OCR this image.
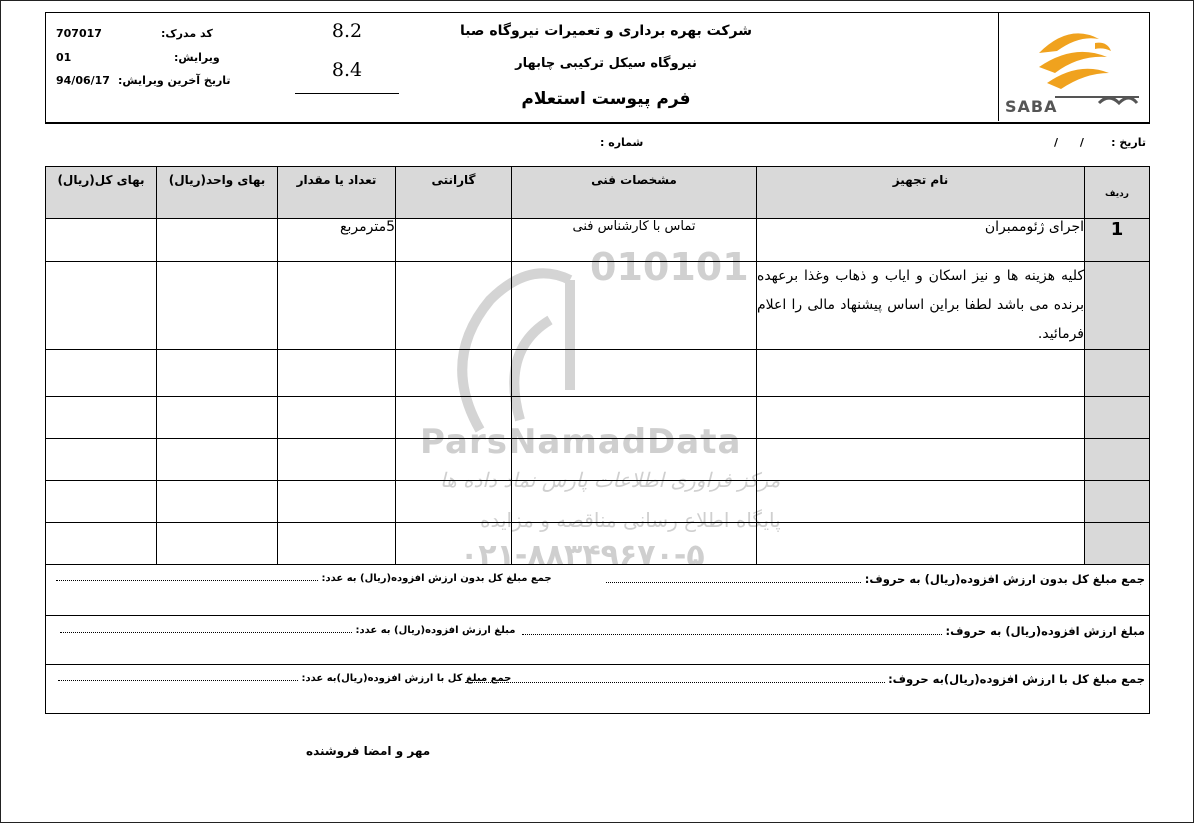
SABA
شرکت بهره برداری و تعمیرات نیروگاه صبا
نیروگاه سیکل ترکیبی چابهار
فرم پیوست استعلام
8.2
8.4
کد مدرک:
707017
ویرایش:
01
تاریخ آخرین ویرایش:
94/06/17
تاریخ :
/ /
شماره :
010101
ParsNamadData
مرکز فراوری اطلاعات پارس نماد داده ها
پایگاه اطلاع رسانی مناقصه و مزایده
۰۲۱-۸۸۳۴۹۶۷۰-۵
ردیف	نام تجهیز	مشخصات فنی	گارانتی	تعداد یا مقدار	بهای واحد(ریال)	بهای کل(ریال)
1	اجرای ژئوممبران	تماس با کارشناس فنی		5مترمربع		
	کلیه هزینه ها و نیز اسکان و ایاب و ذهاب وغذا برعهده برنده می باشد لطفا براین اساس پیشنهاد مالی را اعلام فرمائید.					

جمع مبلغ کل بدون ارزش افزوده(ریال) به حروف:
جمع مبلغ کل بدون ارزش افزوده(ریال) به عدد:
مبلغ ارزش افزوده(ریال) به حروف:
مبلغ ارزش افزوده(ریال) به عدد:
جمع مبلغ کل با ارزش افزوده(ریال)به حروف:
جمع مبلغ کل با ارزش افزوده(ریال)به عدد:
مهر و امضا فروشنده
